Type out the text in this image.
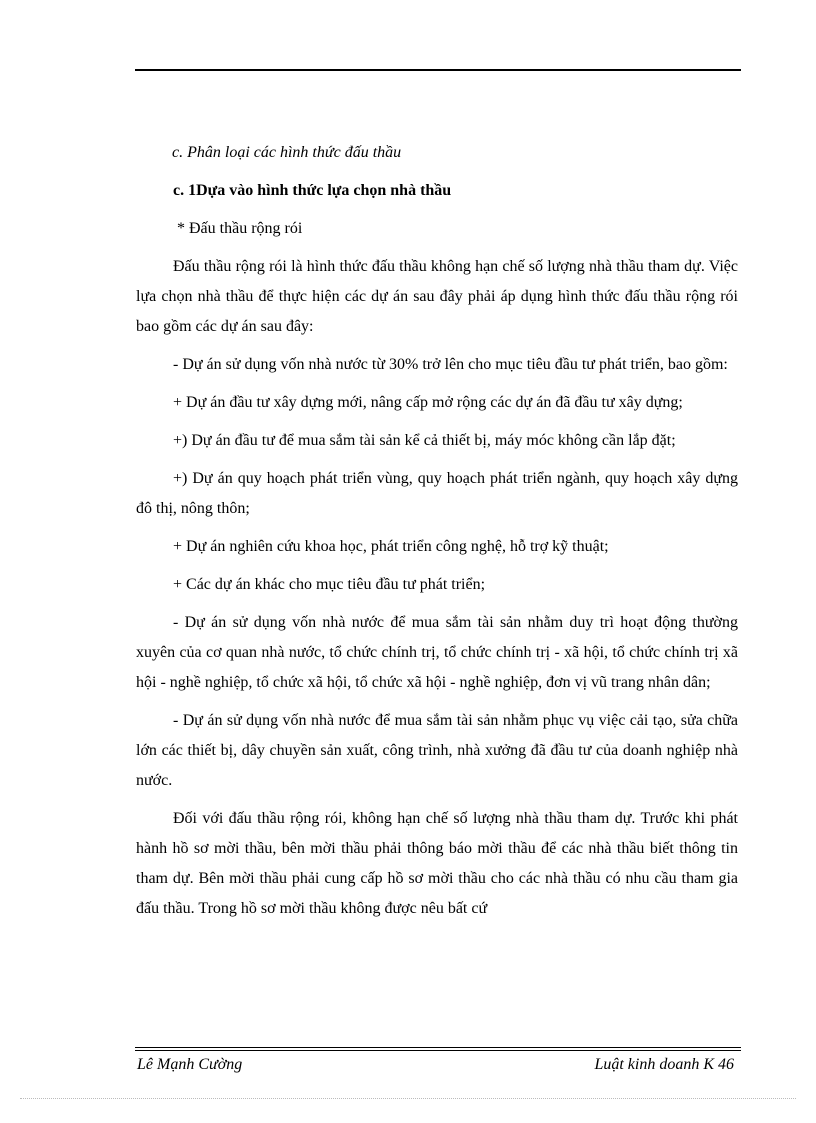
c. Phân loại các hình thức đấu thầu
c. 1Dựa vào hình thức lựa chọn nhà thầu
* Đấu thầu rộng rói

Đấu thầu rộng rói là hình thức đấu thầu không hạn chế số lượng nhà thầu tham dự. Việc lựa chọn nhà thầu để thực hiện các dự án sau đây phải áp dụng hình thức đấu thầu rộng rói bao gồm các dự án sau đây:

- Dự án sử dụng vốn nhà nước từ 30% trở lên cho mục tiêu đầu tư phát triển, bao gồm:

+ Dự án đầu tư xây dựng mới, nâng cấp mở rộng các dự án đã đầu tư xây dựng;

+) Dự án đầu tư để mua sắm tài sản kể cả thiết bị, máy móc không cần lắp đặt;

+) Dự án quy hoạch phát triển vùng, quy hoạch phát triển ngành, quy hoạch xây dựng đô thị, nông thôn;

+ Dự án nghiên cứu khoa học, phát triển công nghệ, hỗ trợ kỹ thuật;

+ Các dự án khác cho mục tiêu đầu tư phát triển;

- Dự án sử dụng vốn nhà nước để mua sắm tài sản nhằm duy trì hoạt động thường xuyên của cơ quan nhà nước, tổ chức chính trị, tổ chức chính trị - xã hội, tổ chức chính trị xã hội - nghề nghiệp, tổ chức xã hội, tổ chức xã hội - nghề nghiệp, đơn vị vũ trang nhân dân;

- Dự án sử dụng vốn nhà nước để mua sắm tài sản nhằm phục vụ việc cải tạo, sửa chữa lớn các thiết bị, dây chuyền sản xuất, công trình, nhà xưởng đã đầu tư của doanh nghiệp nhà nước.

Đối với đấu thầu rộng rói, không hạn chế số lượng nhà thầu tham dự. Trước khi phát hành hồ sơ mời thầu, bên mời thầu phải thông báo mời thầu để các nhà thầu biết thông tin tham dự. Bên mời thầu phải cung cấp hồ sơ mời thầu cho các nhà thầu có nhu cầu tham gia đấu thầu. Trong hồ sơ mời thầu không được nêu bất cứ

Lê Mạnh Cường	Luật kinh doanh K 46
